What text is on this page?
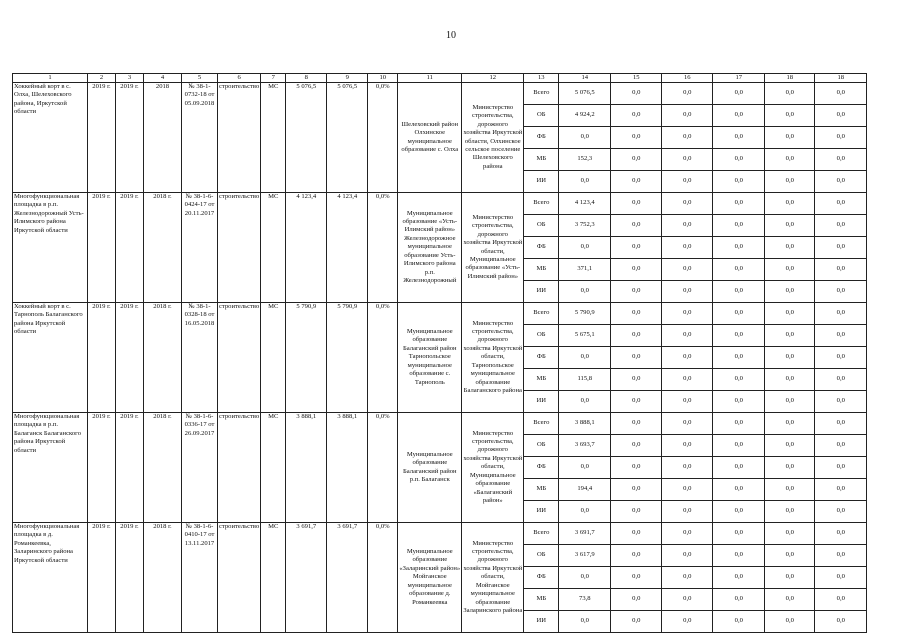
10
1	2	3	4	5	6	7	8	9	10	11	12	13	14	15	16	17	18	18
Хоккейный корт в с. Олха, Шелеховского района, Иркутской области	2019 г.	2019 г.	2018	№ 38-1-0732-18 от 05.09.2018	строительство	МС	5 076,5	5 076,5	0,0%	Шелеховский район Олхинское муниципальное образование с. Олха	Министерство строительства, дорожного хозяйства Иркутской области, Олхинское сельское поселение Шелеховского района	Всего	5 076,5	0,0	0,0	0,0	0,0	0,0
												ОБ	4 924,2	0,0	0,0	0,0	0,0	0,0
												ФБ	0,0	0,0	0,0	0,0	0,0	0,0
												МБ	152,3	0,0	0,0	0,0	0,0	0,0
												ИИ	0,0	0,0	0,0	0,0	0,0	0,0
Многофункциональная площадка в р.п. Железнодорожный Усть-Илимского района Иркутской области	2019 г.	2019 г.	2018 г.	№ 38-1-6-0424-17 от 20.11.2017	строительство	МС	4 123,4	4 123,4	0,0%	Муниципальное образование «Усть-Илимский район» Железнодорожное муниципальное образование Усть-Илимского района р.п. Железнодорожный	Министерство строительства, дорожного хозяйства Иркутской области, Муниципальное образование «Усть-Илимский район»	Всего	4 123,4	0,0	0,0	0,0	0,0	0,0
												ОБ	3 752,3	0,0	0,0	0,0	0,0	0,0
												ФБ	0,0	0,0	0,0	0,0	0,0	0,0
												МБ	371,1	0,0	0,0	0,0	0,0	0,0
												ИИ	0,0	0,0	0,0	0,0	0,0	0,0
Хоккейный корт в с. Тарнополь Балаганского района Иркутской области	2019 г.	2019 г.	2018 г.	№ 38-1-0328-18 от 16.05.2018	строительство	МС	5 790,9	5 790,9	0,0%	Муниципальное образование Балаганский район Тарнопольское муниципальное образование с. Тарнополь	Министерство строительства, дорожного хозяйства Иркутской области, Тарнопольское муниципальное образование Балаганского района	Всего	5 790,9	0,0	0,0	0,0	0,0	0,0
												ОБ	5 675,1	0,0	0,0	0,0	0,0	0,0
												ФБ	0,0	0,0	0,0	0,0	0,0	0,0
												МБ	115,8	0,0	0,0	0,0	0,0	0,0
												ИИ	0,0	0,0	0,0	0,0	0,0	0,0
Многофункциональная площадка в р.п. Балаганск Балаганского района Иркутской области	2019 г.	2019 г.	2018 г.	№ 38-1-6-0336-17 от 26.09.2017	строительство	МС	3 888,1	3 888,1	0,0%	Муниципальное образование Балаганский район р.п. Балаганск	Министерство строительства, дорожного хозяйства Иркутской области, Муниципальное образование «Балаганский район»	Всего	3 888,1	0,0	0,0	0,0	0,0	0,0
												ОБ	3 693,7	0,0	0,0	0,0	0,0	0,0
												ФБ	0,0	0,0	0,0	0,0	0,0	0,0
												МБ	194,4	0,0	0,0	0,0	0,0	0,0
												ИИ	0,0	0,0	0,0	0,0	0,0	0,0
Многофункциональная площадка в д. Романкеевка, Заларинского района Иркутской области	2019 г.	2019 г.	2018 г.	№ 38-1-6-0410-17 от 13.11.2017	строительство	МС	3 691,7	3 691,7	0,0%	Муниципальное образование «Заларинский район» Мойганское муниципальное образование д. Романкеевка	Министерство строительства, дорожного хозяйства Иркутской области, Мойганское муниципальное образование Заларинского района	Всего	3 691,7	0,0	0,0	0,0	0,0	0,0
												ОБ	3 617,9	0,0	0,0	0,0	0,0	0,0
												ФБ	0,0	0,0	0,0	0,0	0,0	0,0
												МБ	73,8	0,0	0,0	0,0	0,0	0,0
												ИИ	0,0	0,0	0,0	0,0	0,0	0,0
